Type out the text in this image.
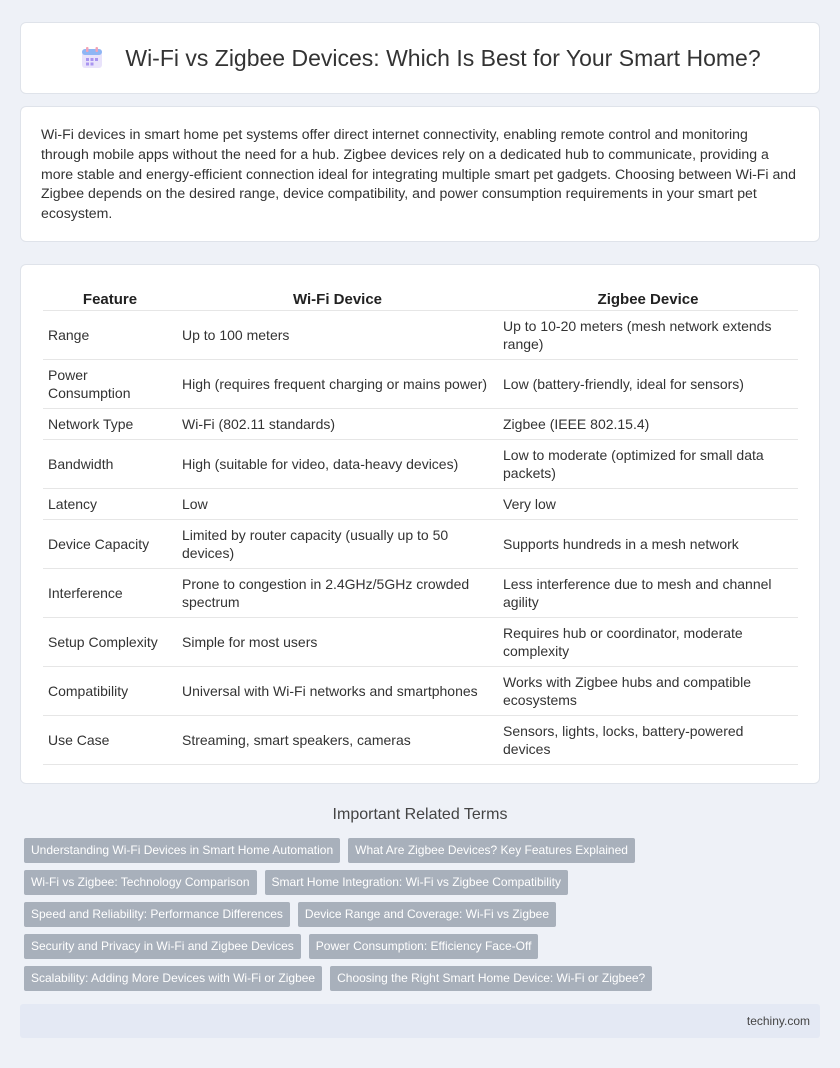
Wi-Fi vs Zigbee Devices: Which Is Best for Your Smart Home?

Wi-Fi devices in smart home pet systems offer direct internet connectivity, enabling remote control and monitoring through mobile apps without the need for a hub. Zigbee devices rely on a dedicated hub to communicate, providing a more stable and energy-efficient connection ideal for integrating multiple smart pet gadgets. Choosing between Wi-Fi and Zigbee depends on the desired range, device compatibility, and power consumption requirements in your smart pet ecosystem.

Feature	Wi-Fi Device	Zigbee Device
Range	Up to 100 meters	Up to 10-20 meters (mesh network extends range)
Power Consumption	High (requires frequent charging or mains power)	Low (battery-friendly, ideal for sensors)
Network Type	Wi-Fi (802.11 standards)	Zigbee (IEEE 802.15.4)
Bandwidth	High (suitable for video, data-heavy devices)	Low to moderate (optimized for small data packets)
Latency	Low	Very low
Device Capacity	Limited by router capacity (usually up to 50 devices)	Supports hundreds in a mesh network
Interference	Prone to congestion in 2.4GHz/5GHz crowded spectrum	Less interference due to mesh and channel agility
Setup Complexity	Simple for most users	Requires hub or coordinator, moderate complexity
Compatibility	Universal with Wi-Fi networks and smartphones	Works with Zigbee hubs and compatible ecosystems
Use Case	Streaming, smart speakers, cameras	Sensors, lights, locks, battery-powered devices
Important Related Terms
Understanding Wi-Fi Devices in Smart Home Automation	What Are Zigbee Devices? Key Features Explained
Wi-Fi vs Zigbee: Technology Comparison	Smart Home Integration: Wi-Fi vs Zigbee Compatibility
Speed and Reliability: Performance Differences	Device Range and Coverage: Wi-Fi vs Zigbee
Security and Privacy in Wi-Fi and Zigbee Devices	Power Consumption: Efficiency Face-Off
Scalability: Adding More Devices with Wi-Fi or Zigbee	Choosing the Right Smart Home Device: Wi-Fi or Zigbee?
techiny.com
